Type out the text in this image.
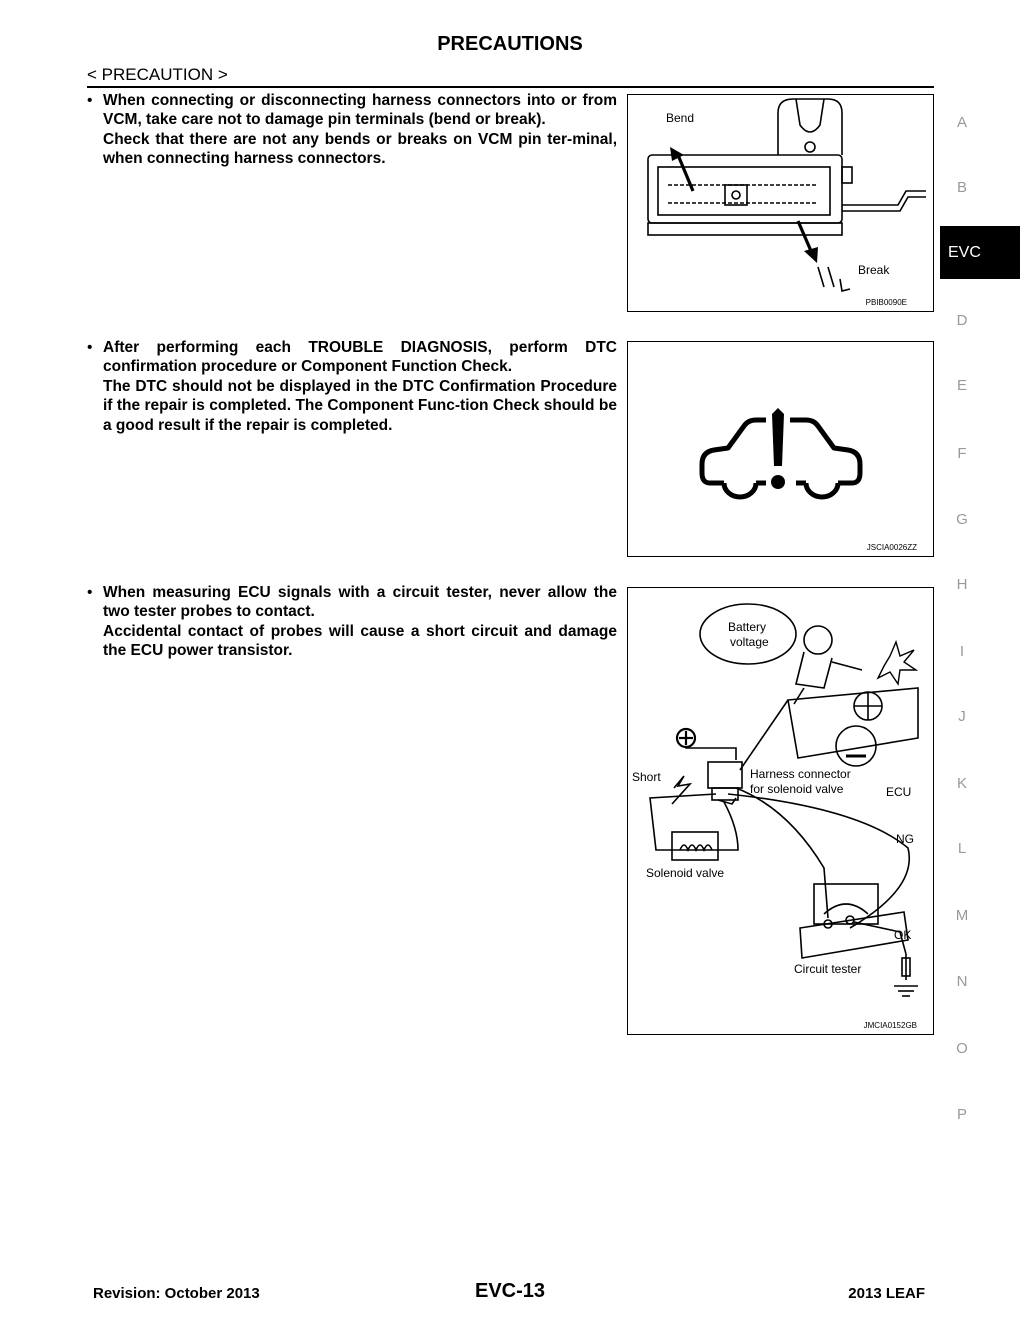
PRECAUTIONS
< PRECAUTION >
• When connecting or disconnecting harness connectors into or from VCM, take care not to damage pin terminals (bend or break).

Check that there are not any bends or breaks on VCM pin ter-minal, when connecting harness connectors.

Bend
Break
PBIB0090E
• After performing each TROUBLE DIAGNOSIS, perform DTC confirmation procedure or Component Function Check.

The DTC should not be displayed in the DTC Confirmation Procedure if the repair is completed. The Component Func-tion Check should be a good result if the repair is completed.

JSCIA0026ZZ
• When measuring ECU signals with a circuit tester, never allow the two tester probes to contact.

Accidental contact of probes will cause a short circuit and damage the ECU power transistor.

Battery
voltage
Short	Harness connector
for solenoid valve	ECU
NG
Solenoid valve
OK
Circuit tester
JMCIA0152GB
A
B
EVC
D
E
F
G
H
I
J
K
L
M
N
O
P
Revision: October 2013	EVC-13	2013 LEAF
